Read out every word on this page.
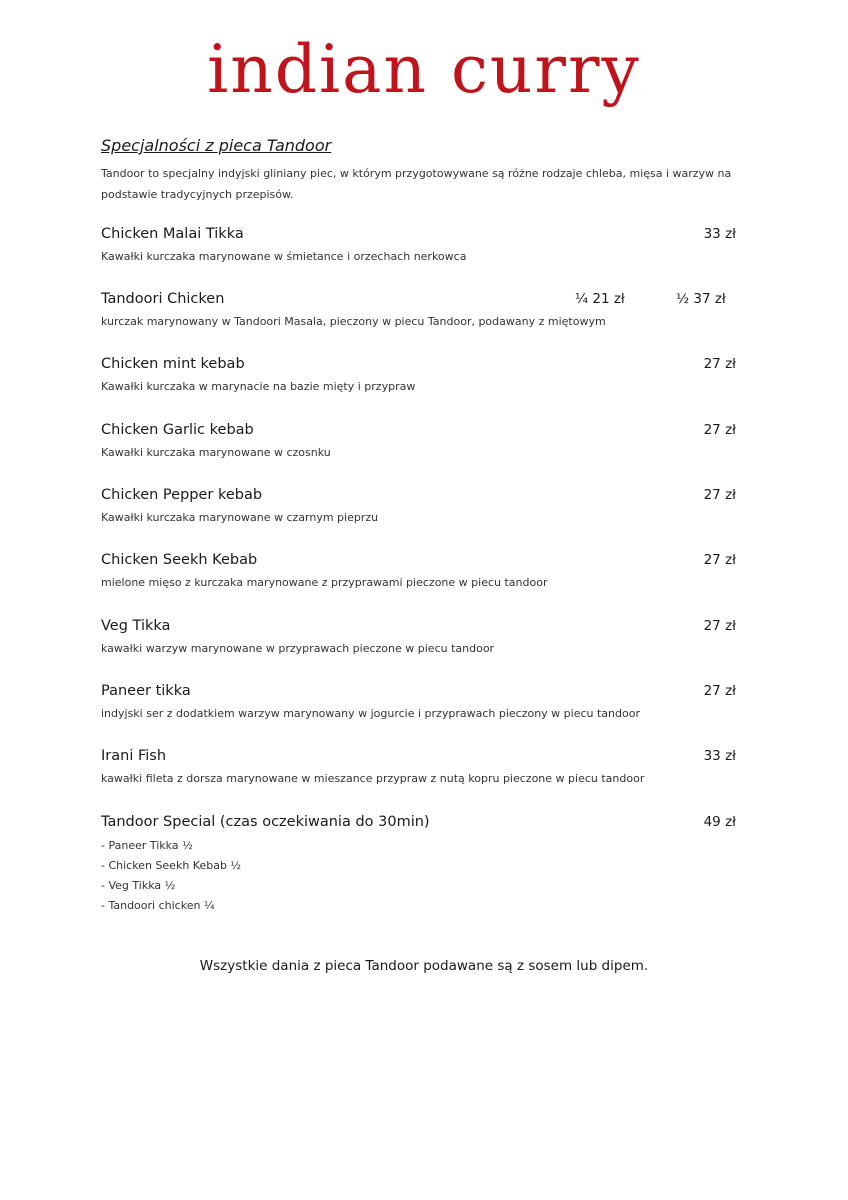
indian curry
Specjalności z pieca Tandoor
Tandoor to specjalny indyjski gliniany piec, w którym przygotowywane są różne rodzaje chleba, mięsa i warzyw na podstawie tradycyjnych przepisów.
Chicken Malai Tikka	33 zł
Kawałki kurczaka marynowane w śmietance i orzechach nerkowca
Tandoori Chicken	¼ 21 zł	½ 37 zł
kurczak marynowany w Tandoori Masala, pieczony w piecu Tandoor, podawany z miętowym
Chicken mint kebab	27 zł
Kawałki kurczaka w marynacie na bazie mięty i przypraw
Chicken Garlic kebab	27 zł
Kawałki kurczaka marynowane w czosnku
Chicken Pepper kebab	27 zł
Kawałki kurczaka marynowane w czarnym pieprzu
Chicken Seekh Kebab	27 zł
mielone mięso z kurczaka marynowane z przyprawami pieczone w piecu tandoor
Veg Tikka	27 zł
kawałki warzyw marynowane w przyprawach pieczone w piecu tandoor
Paneer tikka	27 zł
indyjski ser z dodatkiem warzyw marynowany w jogurcie i przyprawach pieczony w piecu tandoor
Irani Fish	33 zł
kawałki fileta z dorsza marynowane w mieszance przypraw z nutą kopru pieczone w piecu tandoor
Tandoor Special (czas oczekiwania do 30min)	49 zł
- Paneer Tikka ½
- Chicken Seekh Kebab ½
- Veg Tikka ½
- Tandoori chicken ¼
Wszystkie dania z pieca Tandoor podawane są z sosem lub dipem.
